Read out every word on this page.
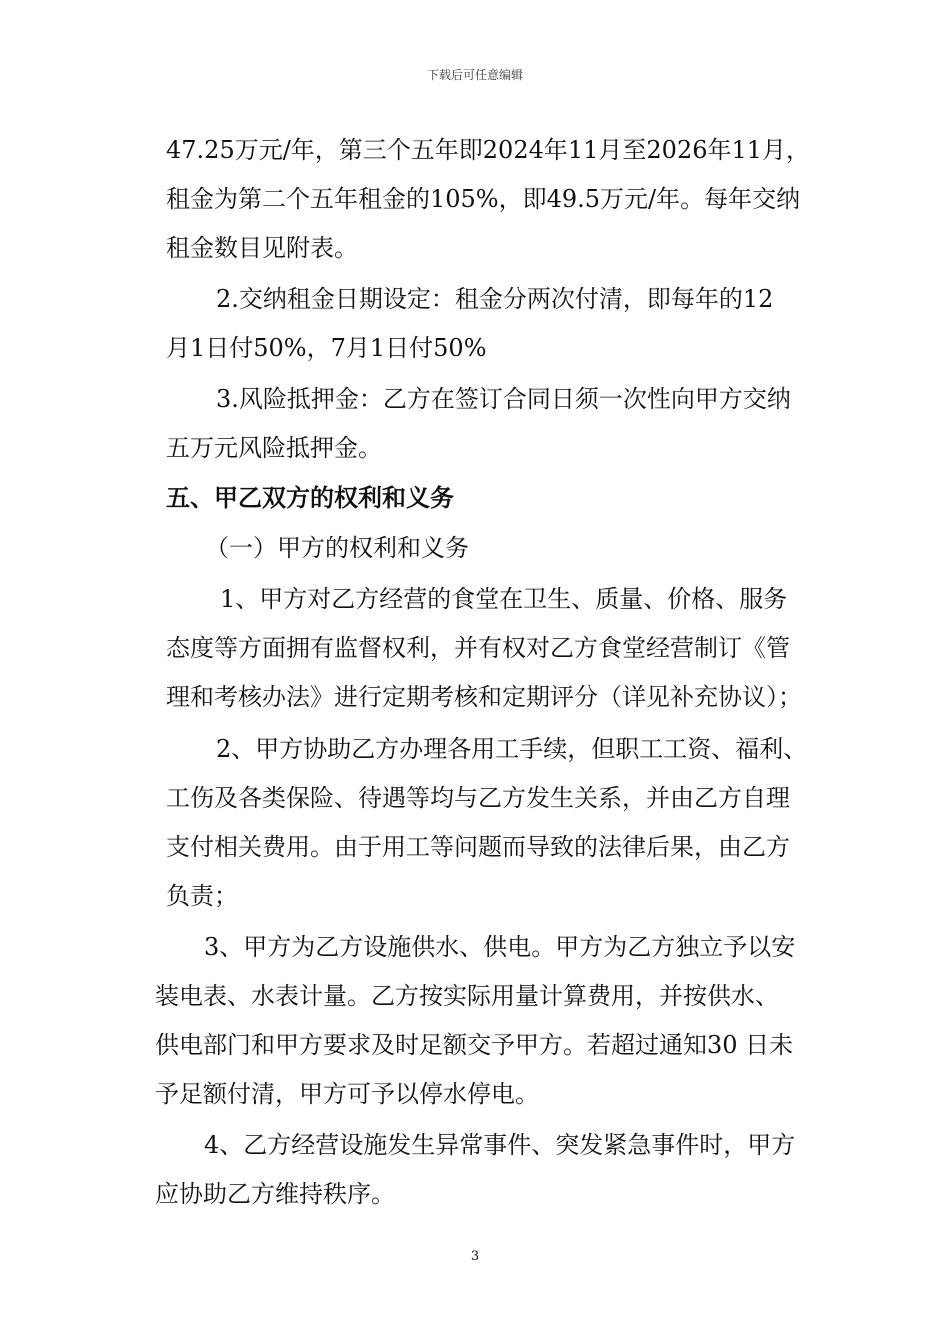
下载后可任意编辑
47.25万元/年，第三个五年即2024年11月至2026年11月，
租金为第二个五年租金的105%，即49.5万元/年。每年交纳
租金数目见附表。
2.交纳租金日期设定：租金分两次付清，即每年的12
月1日付50%，7月1日付50%
3.风险抵押金：乙方在签订合同日须一次性向甲方交纳
五万元风险抵押金。
五、甲乙双方的权利和义务
（一）甲方的权利和义务
1、甲方对乙方经营的食堂在卫生、质量、价格、服务
态度等方面拥有监督权利，并有权对乙方食堂经营制订《管
理和考核办法》进行定期考核和定期评分（详见补充协议）；
2、甲方协助乙方办理各用工手续，但职工工资、福利、
工伤及各类保险、待遇等均与乙方发生关系，并由乙方自理
支付相关费用。由于用工等问题而导致的法律后果，由乙方
负责；
3、甲方为乙方设施供水、供电。甲方为乙方独立予以安
装电表、水表计量。乙方按实际用量计算费用，并按供水、
供电部门和甲方要求及时足额交予甲方。若超过通知30 日未
予足额付清，甲方可予以停水停电。
4、乙方经营设施发生异常事件、突发紧急事件时，甲方
应协助乙方维持秩序。
3
